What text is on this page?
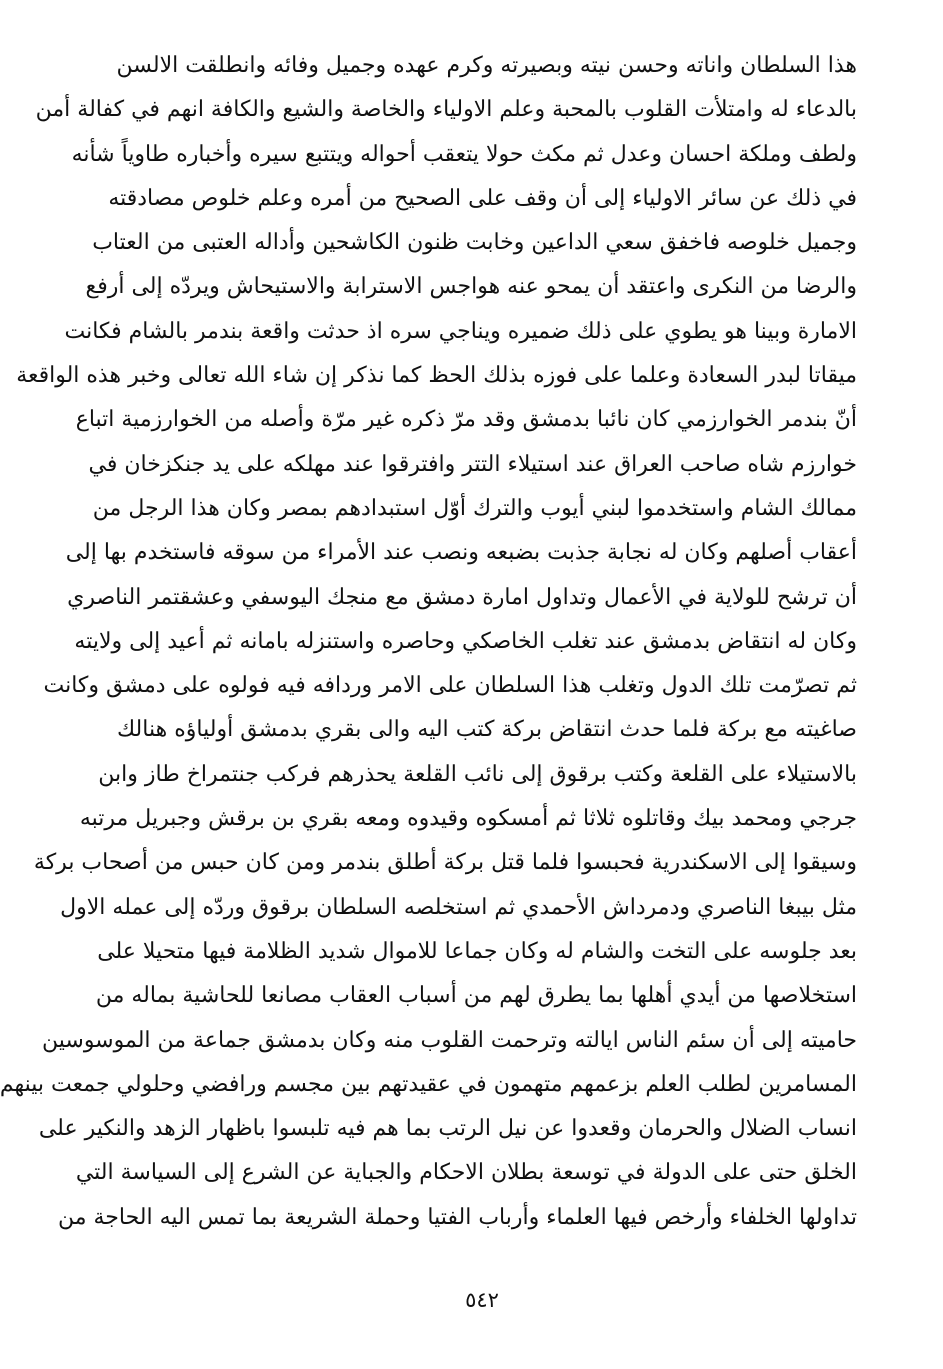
هذا السلطان واناته وحسن نيته وبصيرته وكرم عهده وجميل وفائه وانطلقت الالسن
بالدعاء له وامتلأت القلوب بالمحبة وعلم الاولياء والخاصة والشيع والكافة انهم في كفالة أمن
ولطف وملكة احسان وعدل ثم مكث حولا يتعقب أحواله ويتتبع سيره وأخباره طاوياً شأنه
في ذلك عن سائر الاولياء إلى أن وقف على الصحيح من أمره وعلم خلوص مصادقته
وجميل خلوصه فاخفق سعي الداعين وخابت ظنون الكاشحين وأداله العتبى من العتاب
والرضا من النكرى واعتقد أن يمحو عنه هواجس الاسترابة والاستيحاش ويردّه إلى أرفع
الامارة وبينا هو يطوي على ذلك ضميره ويناجي سره اذ حدثت واقعة بندمر بالشام فكانت
ميقاتا لبدر السعادة وعلما على فوزه بذلك الحظ كما نذكر إن شاء الله تعالى وخبر هذه الواقعة
أنّ بندمر الخوارزمي كان نائبا بدمشق وقد مرّ ذكره غير مرّة وأصله من الخوارزمية اتباع
خوارزم شاه صاحب العراق عند استيلاء التتر وافترقوا عند مهلكه على يد جنكزخان في
ممالك الشام واستخدموا لبني أيوب والترك أوّل استبدادهم بمصر وكان هذا الرجل من
أعقاب أصلهم وكان له نجابة جذبت بضبعه ونصب عند الأمراء من سوقه فاستخدم بها إلى
أن ترشح للولاية في الأعمال وتداول امارة دمشق مع منجك اليوسفي وعشقتمر الناصري
وكان له انتقاض بدمشق عند تغلب الخاصكي وحاصره واستنزله بامانه ثم أعيد إلى ولايته
ثم تصرّمت تلك الدول وتغلب هذا السلطان على الامر وردافه فيه فولوه على دمشق وكانت
صاغيته مع بركة فلما حدث انتقاض بركة كتب اليه والى بقري بدمشق أولياؤه هنالك
بالاستيلاء على القلعة وكتب برقوق إلى نائب القلعة يحذرهم فركب جنتمراخ طاز وابن
جرجي ومحمد بيك وقاتلوه ثلاثا ثم أمسكوه وقيدوه ومعه بقري بن برقش وجبريل مرتبه
وسيقوا إلى الاسكندرية فحبسوا فلما قتل بركة أطلق بندمر ومن كان حبس من أصحاب بركة
مثل بيبغا الناصري ودمرداش الأحمدي ثم استخلصه السلطان برقوق وردّه إلى عمله الاول
بعد جلوسه على التخت والشام له وكان جماعا للاموال شديد الظلامة فيها متحيلا على
استخلاصها من أيدي أهلها بما يطرق لهم من أسباب العقاب مصانعا للحاشية بماله من
حاميته إلى أن سئم الناس ايالته وترحمت القلوب منه وكان بدمشق جماعة من الموسوسين
المسامرين لطلب العلم بزعمهم متهمون في عقيدتهم بين مجسم ورافضي وحلولي جمعت بينهم
انساب الضلال والحرمان وقعدوا عن نيل الرتب بما هم فيه تلبسوا باظهار الزهد والنكير على
الخلق حتى على الدولة في توسعة بطلان الاحكام والجباية عن الشرع إلى السياسة التي
تداولها الخلفاء وأرخص فيها العلماء وأرباب الفتيا وحملة الشريعة بما تمس اليه الحاجة من
٥٤٢
